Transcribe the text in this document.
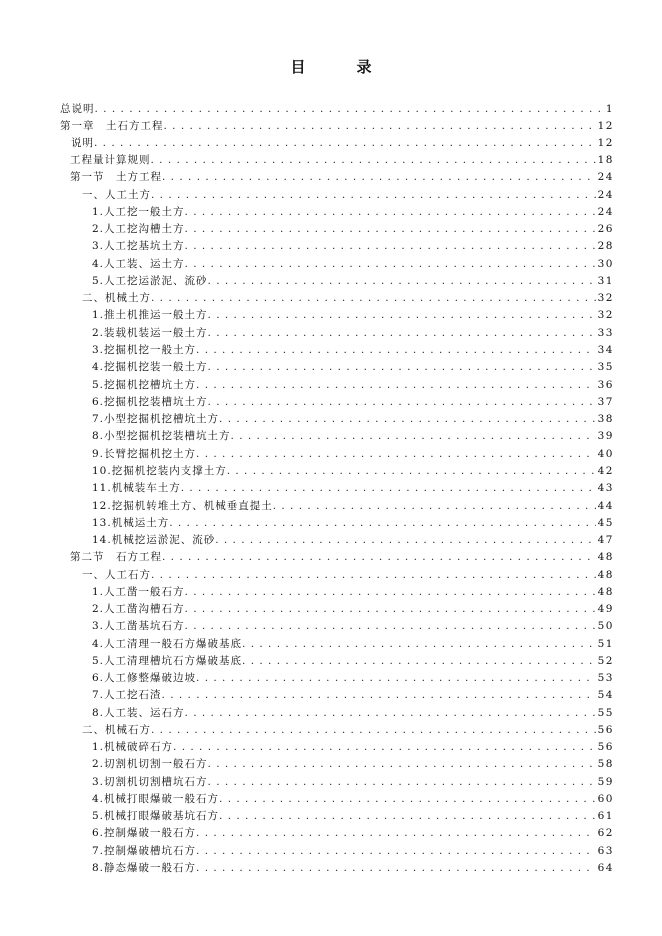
目　录
总说明 . . .	1
第一章　土石方工程 . . .	12
说明 . . .	12
工程量计算规则 . . .	18
第一节　土方工程 . . .	24
一、人工土方 . . .	24
1.人工挖一般土方 . . .	24
2.人工挖沟槽土方 . . .	26
3.人工挖基坑土方 . . .	28
4.人工装、运土方 . . .	30
5.人工挖运淤泥、流砂 . . .	31
二、机械土方 . . .	32
1.推土机推运一般土方 . . .	32
2.装载机装运一般土方 . . .	33
3.挖掘机挖一般土方 . . .	34
4.挖掘机挖装一般土方 . . .	35
5.挖掘机挖槽坑土方 . . .	36
6.挖掘机挖装槽坑土方 . . .	37
7.小型挖掘机挖槽坑土方 . . .	38
8.小型挖掘机挖装槽坑土方 . . .	39
9.长臂挖掘机挖土方 . . .	40
10.挖掘机挖装内支撑土方 . . .	42
11.机械装车土方 . . .	43
12.挖掘机转堆土方、机械垂直提土 . . .	44
13.机械运土方 . . .	45
14.机械挖运淤泥、流砂 . . .	47
第二节　石方工程 . . .	48
一、人工石方 . . .	48
1.人工凿一般石方 . . .	48
2.人工凿沟槽石方 . . .	49
3.人工凿基坑石方 . . .	50
4.人工清理一般石方爆破基底 . . .	51
5.人工清理槽坑石方爆破基底 . . .	52
6.人工修整爆破边坡 . . .	53
7.人工挖石渣 . . .	54
8.人工装、运石方 . . .	55
二、机械石方 . . .	56
1.机械破碎石方 . . .	56
2.切割机切割一般石方 . . .	58
3.切割机切割槽坑石方 . . .	59
4.机械打眼爆破一般石方 . . .	60
5.机械打眼爆破基坑石方 . . .	61
6.控制爆破一般石方 . . .	62
7.控制爆破槽坑石方 . . .	63
8.静态爆破一般石方 . . .	64
